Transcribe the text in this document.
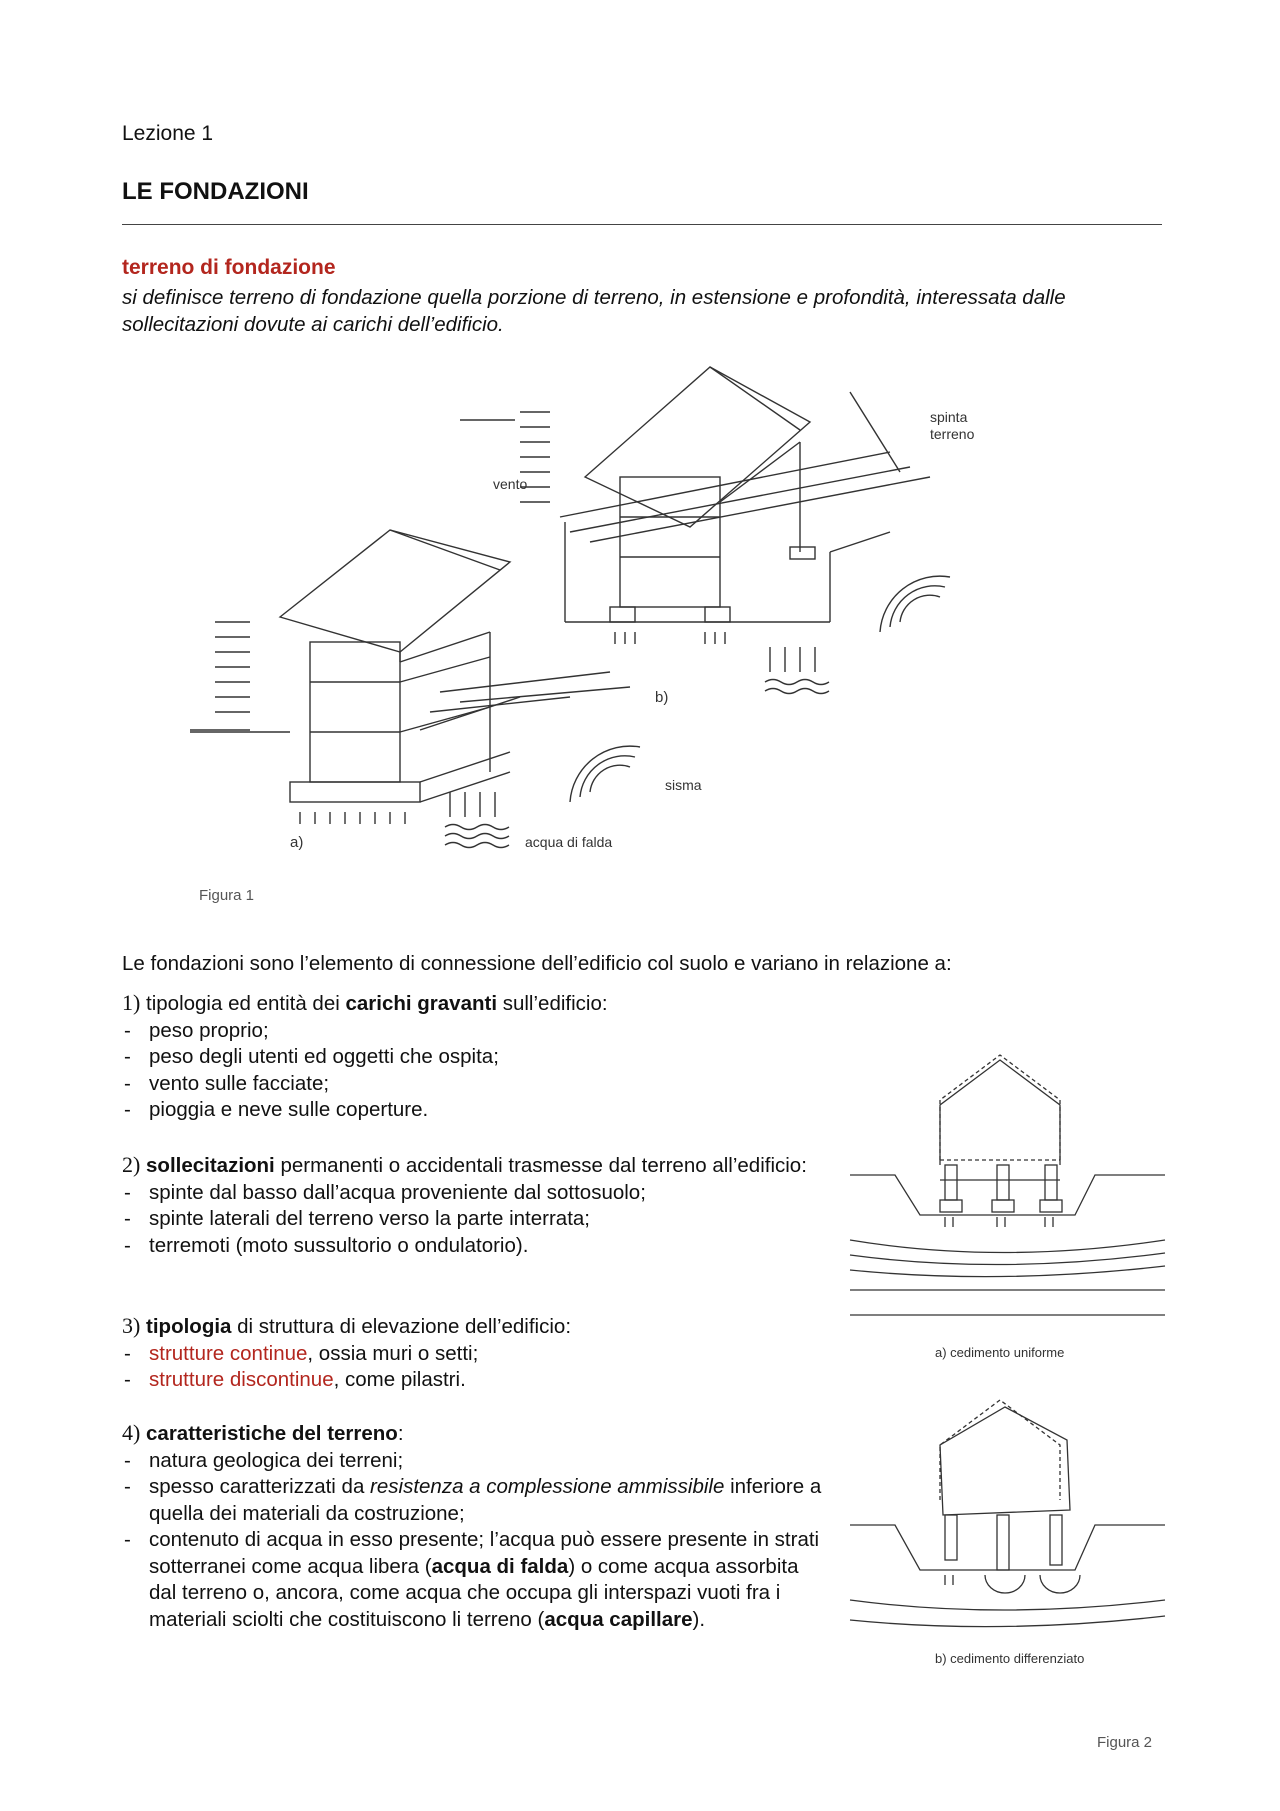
Lezione 1
LE FONDAZIONI
terreno di fondazione
si definisce terreno di fondazione quella porzione di terreno, in estensione e profondità, interessata dalle sollecitazioni dovute ai carichi dell’edificio.
vento
spinta
terreno
sisma
acqua di falda
a)
b)
Figura 1
Le fondazioni sono l’elemento di connessione dell’edificio col suolo e variano in relazione a:
1) tipologia ed entità dei carichi gravanti sull’edificio:
- peso proprio;
- peso degli utenti ed oggetti che ospita;
- vento sulle facciate;
- pioggia e neve sulle coperture.
2) sollecitazioni permanenti o accidentali trasmesse dal terreno all’edificio:
- spinte dal basso dall’acqua proveniente dal sottosuolo;
- spinte laterali del terreno verso la parte interrata;
- terremoti (moto sussultorio o ondulatorio).
3) tipologia di struttura di elevazione dell’edificio:
- strutture continue, ossia muri o setti;
- strutture discontinue, come pilastri.
4) caratteristiche del terreno:
- natura geologica dei terreni;
- spesso caratterizzati da resistenza a complessione ammissibile inferiore a quella dei materiali da costruzione;
- contenuto di acqua in esso presente; l’acqua può essere presente in strati sotterranei come acqua libera (acqua di falda) o come acqua assorbita dal terreno o, ancora, come acqua che occupa gli interspazi vuoti fra i materiali sciolti che costituiscono li terreno (acqua capillare).
a) cedimento uniforme
b) cedimento differenziato
Figura 2
